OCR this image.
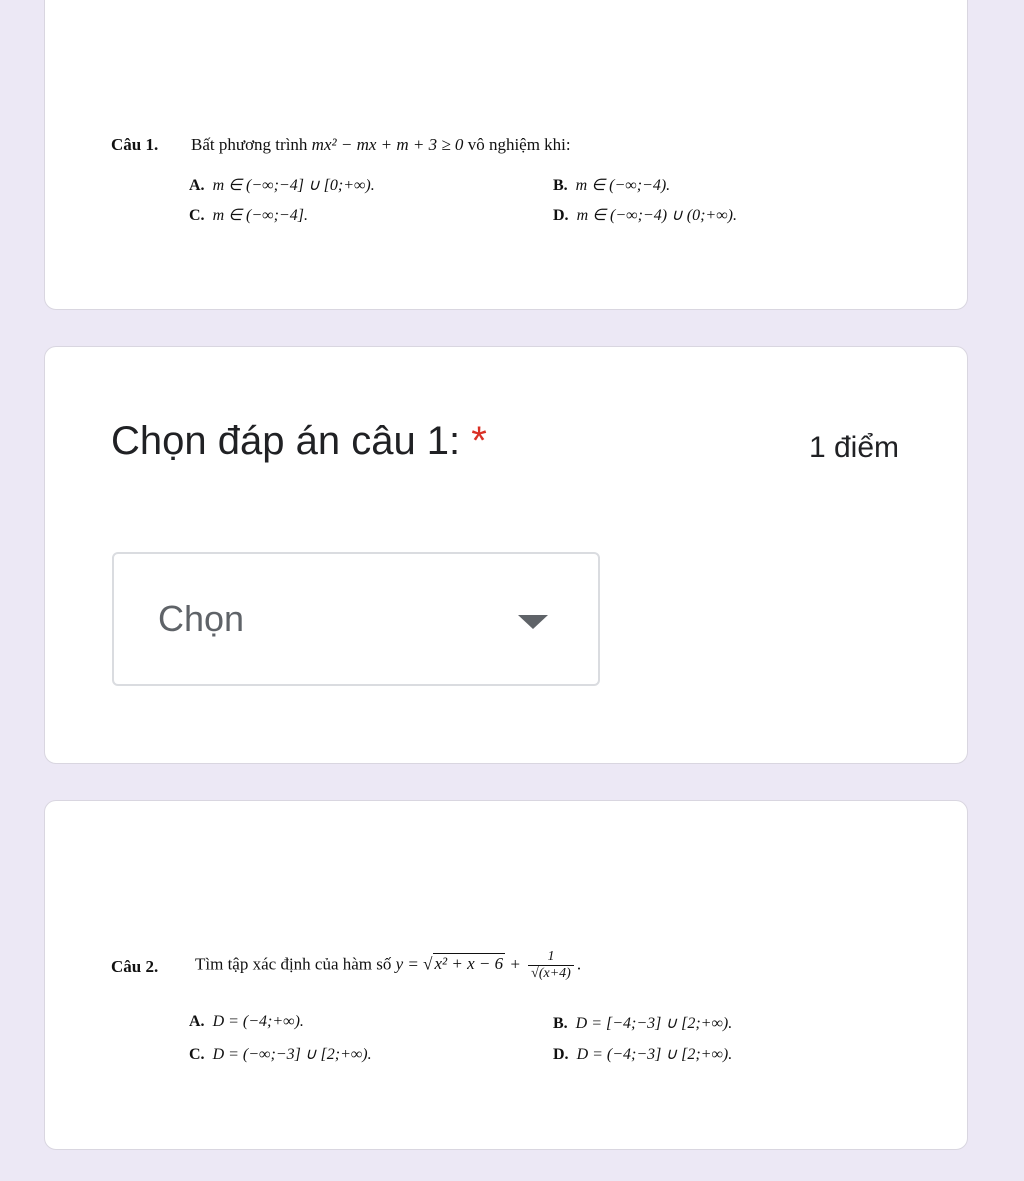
Câu 1. Bất phương trình mx² − mx + m + 3 ≥ 0 vô nghiệm khi:
A. m ∈ (−∞;−4] ∪ [0;+∞).	B. m ∈ (−∞;−4).
C. m ∈ (−∞;−4].	D. m ∈ (−∞;−4) ∪ (0;+∞).
Chọn đáp án câu 1: *	1 điểm
Chọn
Câu 2. Tìm tập xác định của hàm số y = √ $x^2 + x - 6 + \frac{1}{√(x+4)}$ .
A. D = (−4;+∞).	B. D = [−4;−3] ∪ [2;+∞).
C. D = (−∞;−3] ∪ [2;+∞).	D. D = (−4;−3] ∪ [2;+∞).
